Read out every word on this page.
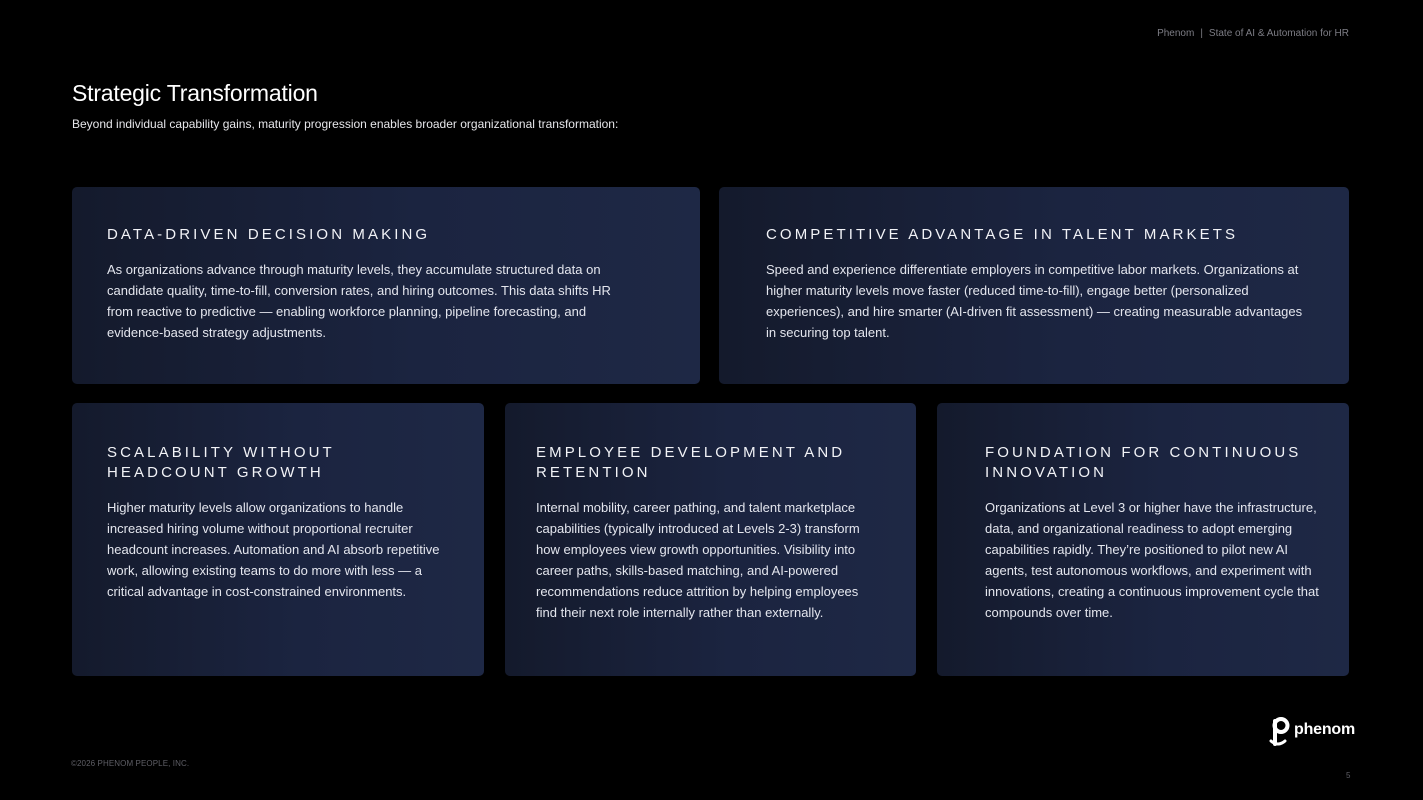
Phenom | State of AI & Automation for HR
Strategic Transformation

Beyond individual capability gains, maturity progression enables broader organizational transformation:

DATA-DRIVEN DECISION MAKING

As organizations advance through maturity levels, they accumulate structured data on candidate quality, time-to-fill, conversion rates, and hiring outcomes. This data shifts HR from reactive to predictive — enabling workforce planning, pipeline forecasting, and evidence-based strategy adjustments.

COMPETITIVE ADVANTAGE IN TALENT MARKETS

Speed and experience differentiate employers in competitive labor markets. Organizations at higher maturity levels move faster (reduced time-to-fill), engage better (personalized experiences), and hire smarter (AI-driven fit assessment) — creating measurable advantages in securing top talent.

SCALABILITY WITHOUT HEADCOUNT GROWTH

Higher maturity levels allow organizations to handle increased hiring volume without proportional recruiter headcount increases. Automation and AI absorb repetitive work, allowing existing teams to do more with less — a critical advantage in cost-constrained environments.

EMPLOYEE DEVELOPMENT AND RETENTION

Internal mobility, career pathing, and talent marketplace capabilities (typically introduced at Levels 2-3) transform how employees view growth opportunities. Visibility into career paths, skills-based matching, and AI-powered recommendations reduce attrition by helping employees find their next role internally rather than externally.

FOUNDATION FOR CONTINUOUS INNOVATION

Organizations at Level 3 or higher have the infrastructure, data, and organizational readiness to adopt emerging capabilities rapidly. They’re positioned to pilot new AI agents, test autonomous workflows, and experiment with innovations, creating a continuous improvement cycle that compounds over time.

phenom
©2026 PHENOM PEOPLE, INC.
5
